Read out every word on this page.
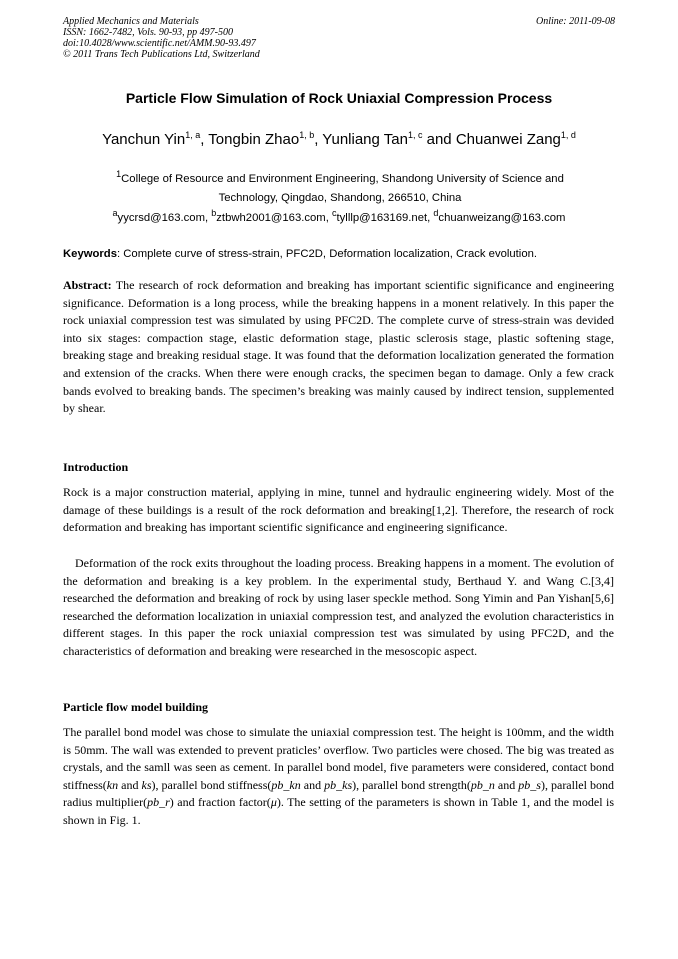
Applied Mechanics and Materials
ISSN: 1662-7482, Vols. 90-93, pp 497-500
doi:10.4028/www.scientific.net/AMM.90-93.497
© 2011 Trans Tech Publications Ltd, Switzerland
Online: 2011-09-08
Particle Flow Simulation of Rock Uniaxial Compression Process
Yanchun Yin$^{1, a}$, Tongbin Zhao$^{1, b}$, Yunliang Tan$^{1, c}$ and Chuanwei Zang$^{1, d}$
$^1$College of Resource and Environment Engineering, Shandong University of Science and
Technology, Qingdao, Shandong, 266510, China
$^a$yycrsd@163.com, $^b$ztbwh2001@163.com, $^c$tylllp@163169.net, $^d$chuanweizang@163.com
Keywords: Complete curve of stress-strain, PFC2D, Deformation localization, Crack evolution.
Abstract: The research of rock deformation and breaking has important scientific significance and engineering significance. Deformation is a long process, while the breaking happens in a monent relatively. In this paper the rock uniaxial compression test was simulated by using PFC2D. The complete curve of stress-strain was devided into six stages: compaction stage, elastic deformation stage, plastic sclerosis stage, plastic softening stage, breaking stage and breaking residual stage. It was found that the deformation localization generated the formation and extension of the cracks. When there were enough cracks, the specimen began to damage. Only a few crack bands evolved to breaking bands. The specimen’s breaking was mainly caused by indirect tension, supplemented by shear.
Introduction
Rock is a major construction material, applying in mine, tunnel and hydraulic engineering widely. Most of the damage of these buildings is a result of the rock deformation and breaking[1,2]. Therefore, the research of rock deformation and breaking has important scientific significance and engineering significance.
Deformation of the rock exits throughout the loading process. Breaking happens in a moment. The evolution of the deformation and breaking is a key problem. In the experimental study, Berthaud Y. and Wang C.[3,4] researched the deformation and breaking of rock by using laser speckle method. Song Yimin and Pan Yishan[5,6] researched the deformation localization in uniaxial compression test, and analyzed the evolution characteristics in different stages. In this paper the rock uniaxial compression test was simulated by using PFC2D, and the characteristics of deformation and breaking were researched in the mesoscopic aspect.
Particle flow model building
The parallel bond model was chose to simulate the uniaxial compression test. The height is 100mm, and the width is 50mm. The wall was extended to prevent praticles’ overflow. Two particles were chosed. The big was treated as crystals, and the samll was seen as cement. In parallel bond model, five parameters were considered, contact bond stiffness(kn and ks), parallel bond stiffness(pb_kn and pb_ks), parallel bond strength(pb_n and pb_s), parallel bond radius multiplier(pb_r) and fraction factor(μ). The setting of the parameters is shown in Table 1, and the model is shown in Fig. 1.
